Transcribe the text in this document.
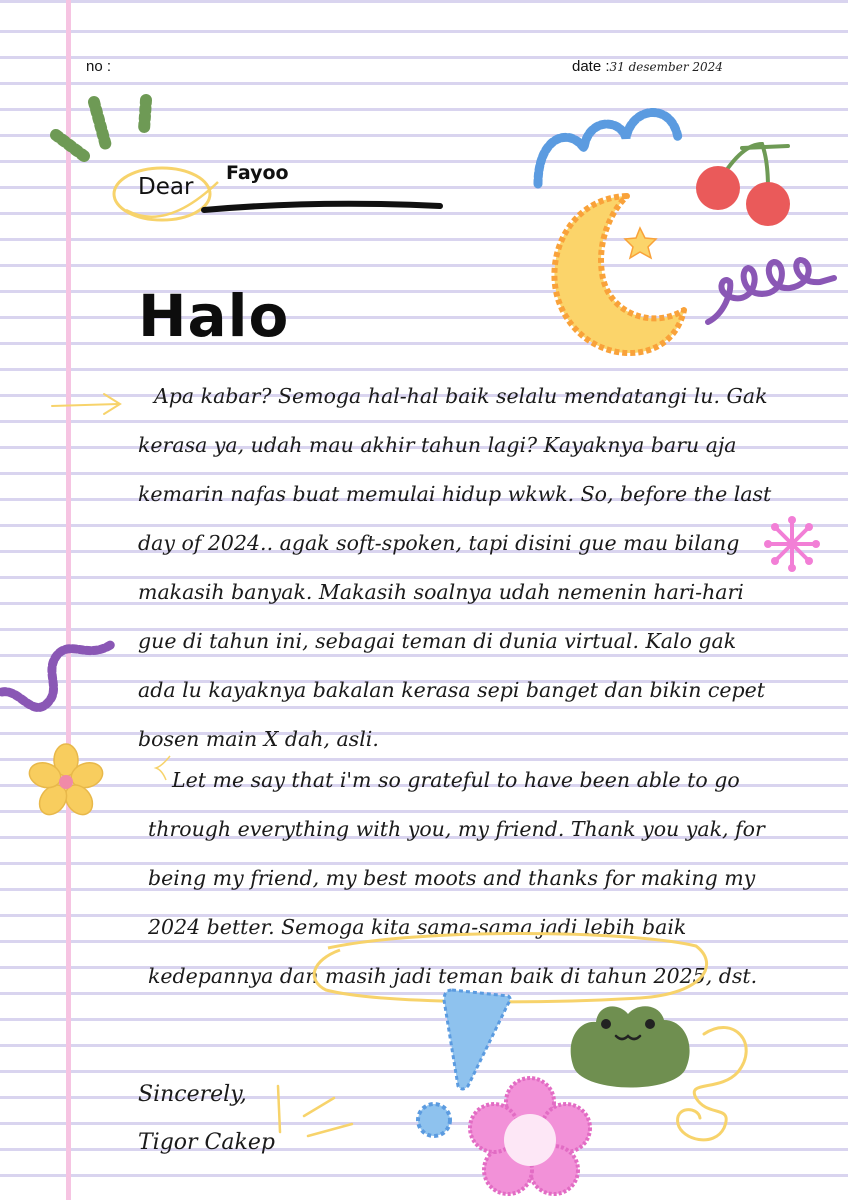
no :	date :31 desember 2024
Dear
Fayoo
Halo

Apa kabar? Semoga hal-hal baik selalu mendatangi lu. Gak kerasa ya, udah mau akhir tahun lagi? Kayaknya baru aja kemarin nafas buat memulai hidup wkwk. So, before the last day of 2024.. agak soft-spoken, tapi disini gue mau bilang makasih banyak. Makasih soalnya udah nemenin hari-hari gue di tahun ini, sebagai teman di dunia virtual. Kalo gak ada lu kayaknya bakalan kerasa sepi banget dan bikin cepet bosen main X dah, asli.

Let me say that i'm so grateful to have been able to go through everything with you, my friend. Thank you yak, for being my friend, my best moots and thanks for making my 2024 better. Semoga kita sama-sama jadi lebih baik kedepannya dan masih jadi teman baik di tahun 2025, dst.

Sincerely,
Tigor Cakep
